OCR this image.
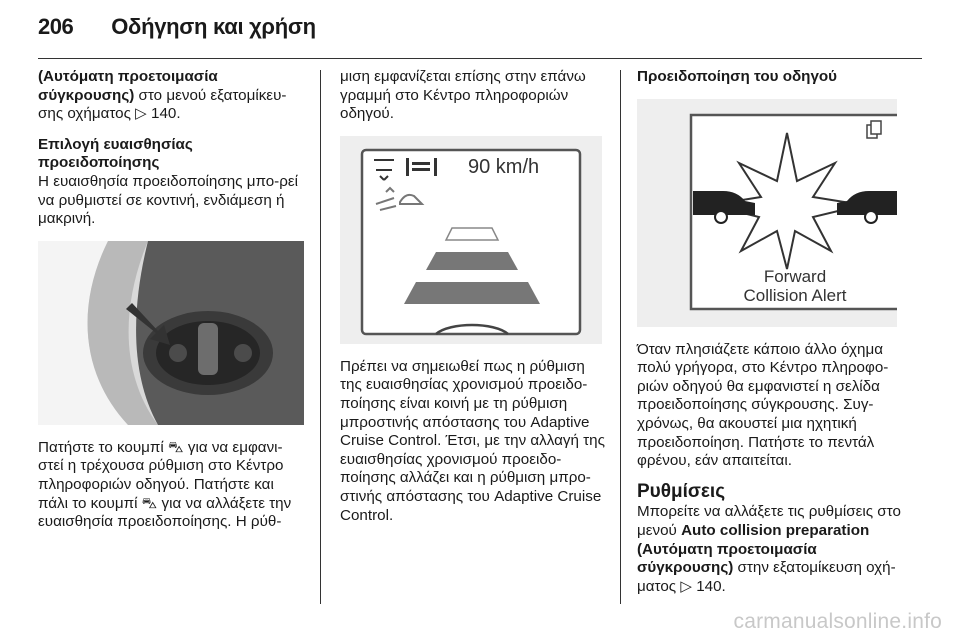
206 Οδήγηση και χρήση

(Αυτόματη προετοιμασία σύγκρουσης) στο μενού εξατομίκευ-σης οχήματος ▷ 140.

Επιλογή ευαισθησίας προειδοποίησης

Η ευαισθησία προειδοποίησης μπο-ρεί να ρυθμιστεί σε κοντινή, ενδιάμεση ή μακρινή.

Πατήστε το κουμπί ⛍ για να εμφανι-στεί η τρέχουσα ρύθμιση στο Κέντρο πληροφοριών οδηγού. Πατήστε και πάλι το κουμπί ⛍ για να αλλάξετε την ευαισθησία προειδοποίησης. Η ρύθ-

μιση εμφανίζεται επίσης στην επάνω γραμμή στο Κέντρο πληροφοριών οδηγού.

90 km/h

Πρέπει να σημειωθεί πως η ρύθμιση της ευαισθησίας χρονισμού προειδο-ποίησης είναι κοινή με τη ρύθμιση μπροστινής απόστασης του Adaptive Cruise Control. Έτσι, με την αλλαγή της ευαισθησίας χρονισμού προειδο-ποίησης αλλάζει και η ρύθμιση μπρο-στινής απόστασης του Adaptive Cruise Control.

Προειδοποίηση του οδηγού

Forward
Collision Alert

Όταν πλησιάζετε κάποιο άλλο όχημα πολύ γρήγορα, στο Κέντρο πληροφο-ριών οδηγού θα εμφανιστεί η σελίδα προειδοποίησης σύγκρουσης. Συγ-χρόνως, θα ακουστεί μια ηχητική προειδοποίηση. Πατήστε το πεντάλ φρένου, εάν απαιτείται.

Ρυθμίσεις

Μπορείτε να αλλάξετε τις ρυθμίσεις στο μενού Auto collision preparation (Αυτόματη προετοιμασία σύγκρουσης) στην εξατομίκευση οχή-ματος ▷ 140.

carmanualsonline.info
